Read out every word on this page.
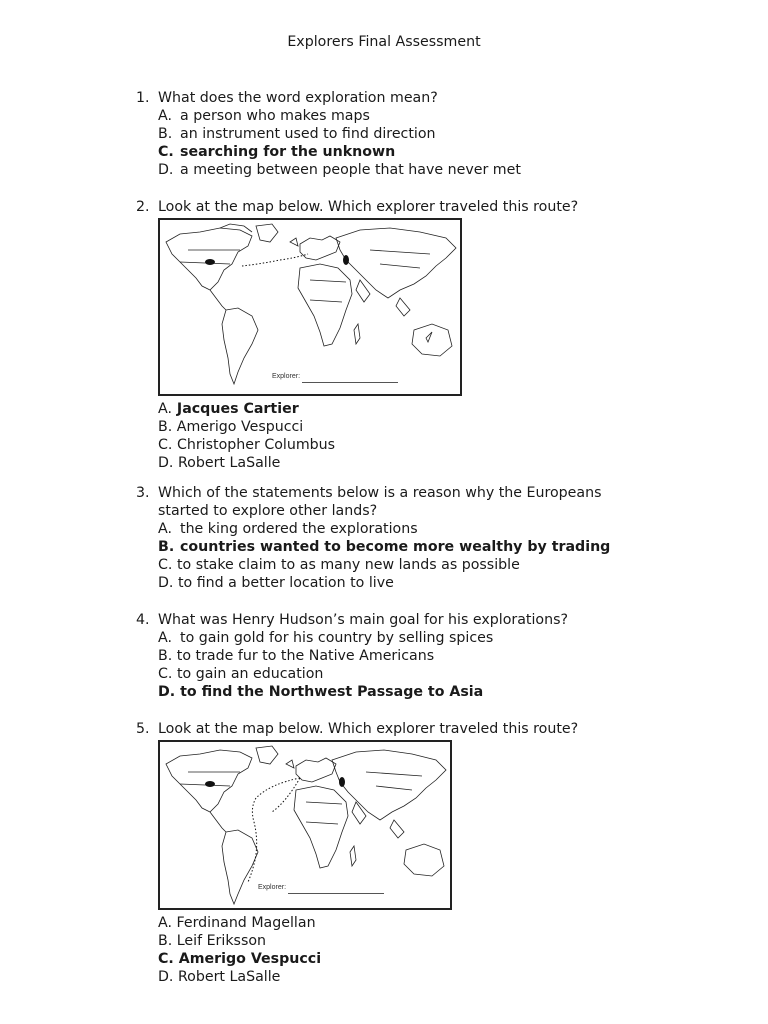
Explorers Final Assessment
1. What does the word exploration mean?
A. a person who makes maps
B. an instrument used to find direction
C. searching for the unknown
D. a meeting between people that have never met
2. Look at the map below. Which explorer traveled this route?
Explorer:
A. Jacques Cartier
B. Amerigo Vespucci
C. Christopher Columbus
D. Robert LaSalle
3. Which of the statements below is a reason why the Europeans
started to explore other lands?
A. the king ordered the explorations
B. countries wanted to become more wealthy by trading
C. to stake claim to as many new lands as possible
D. to find a better location to live
4. What was Henry Hudson’s main goal for his explorations?
A. to gain gold for his country by selling spices
B. to trade fur to the Native Americans
C. to gain an education
D. to find the Northwest Passage to Asia
5. Look at the map below. Which explorer traveled this route?
Explorer:
A. Ferdinand Magellan
B. Leif Eriksson
C. Amerigo Vespucci
D. Robert LaSalle
